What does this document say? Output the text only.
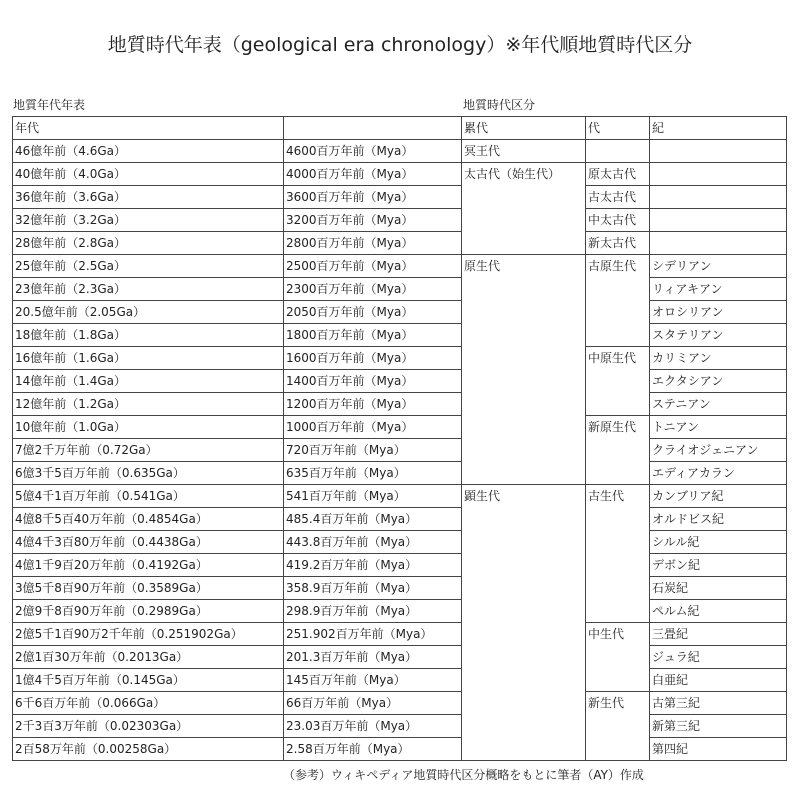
地質時代年表（geological era chronology）※年代順地質時代区分
地質年代年表	地質時代区分
年代		累代	代	紀
46億年前（4.6Ga）	4600百万年前（Mya）	冥王代		
40億年前（4.0Ga）	4000百万年前（Mya）	太古代（始生代）	原太古代	
36億年前（3.6Ga）	3600百万年前（Mya）		古太古代	
32億年前（3.2Ga）	3200百万年前（Mya）		中太古代	
28億年前（2.8Ga）	2800百万年前（Mya）		新太古代	
25億年前（2.5Ga）	2500百万年前（Mya）	原生代	古原生代	シデリアン
23億年前（2.3Ga）	2300百万年前（Mya）			リィアキアン
20.5億年前（2.05Ga）	2050百万年前（Mya）			オロシリアン
18億年前（1.8Ga）	1800百万年前（Mya）			スタテリアン
16億年前（1.6Ga）	1600百万年前（Mya）		中原生代	カリミアン
14億年前（1.4Ga）	1400百万年前（Mya）			エクタシアン
12億年前（1.2Ga）	1200百万年前（Mya）			ステニアン
10億年前（1.0Ga）	1000百万年前（Mya）		新原生代	トニアン
7億2千万年前（0.72Ga）	720百万年前（Mya）			クライオジェニアン
6億3千5百万年前（0.635Ga）	635百万年前（Mya）			エディアカラン
5億4千1百万年前（0.541Ga）	541百万年前（Mya）	顕生代	古生代	カンブリア紀
4億8千5百40万年前（0.4854Ga）	485.4百万年前（Mya）			オルドビス紀
4億4千3百80万年前（0.4438Ga）	443.8百万年前（Mya）			シルル紀
4億1千9百20万年前（0.4192Ga）	419.2百万年前（Mya）			デボン紀
3億5千8百90万年前（0.3589Ga）	358.9百万年前（Mya）			石炭紀
2億9千8百90万年前（0.2989Ga）	298.9百万年前（Mya）			ペルム紀
2億5千1百90万2千年前（0.251902Ga）	251.902百万年前（Mya）		中生代	三畳紀
2億1百30万年前（0.2013Ga）	201.3百万年前（Mya）			ジュラ紀
1億4千5百万年前（0.145Ga）	145百万年前（Mya）			白亜紀
6千6百万年前（0.066Ga）	66百万年前（Mya）		新生代	古第三紀
2千3百3万年前（0.02303Ga）	23.03百万年前（Mya）			新第三紀
2百58万年前（0.00258Ga）	2.58百万年前（Mya）			第四紀
（参考）ウィキペディア地質時代区分概略をもとに筆者（AY）作成
